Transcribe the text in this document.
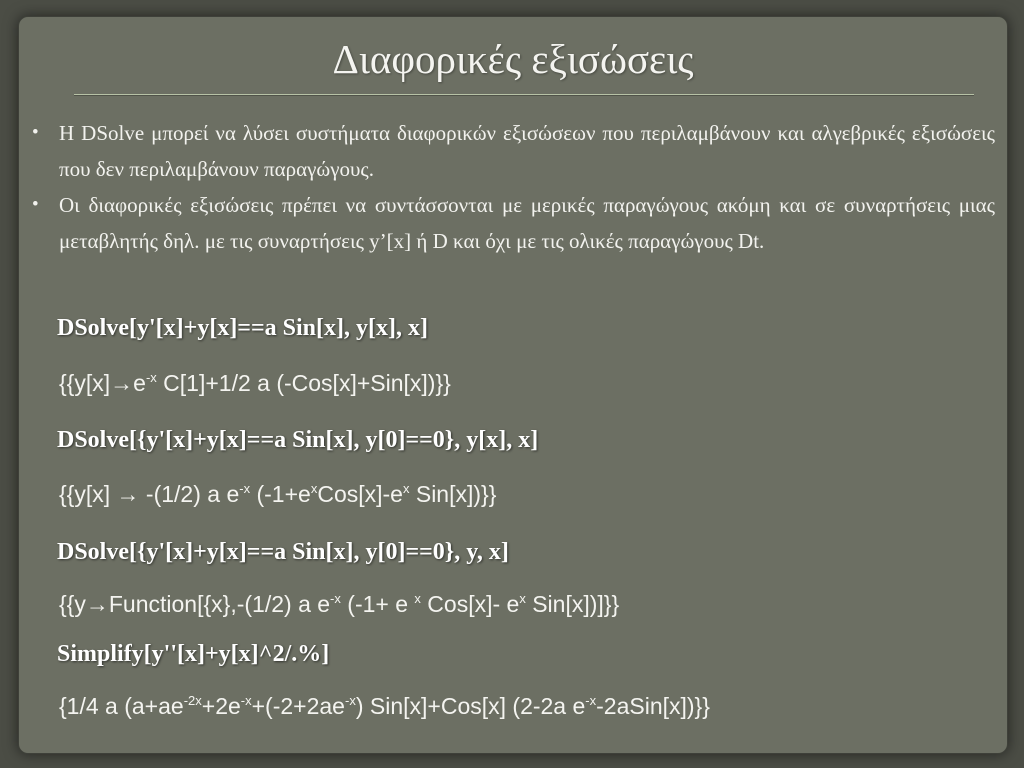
Διαφορικές εξισώσεις
• Η DSolve μπορεί να λύσει συστήματα διαφορικών εξισώσεων που περιλαμβάνουν και αλγεβρικές εξισώσεις που δεν περιλαμβάνουν παραγώγους.
• Οι διαφορικές εξισώσεις πρέπει να συντάσσονται με μερικές παραγώγους ακόμη και σε συναρτήσεις μιας μεταβλητής δηλ. με τις συναρτήσεις y’[x] ή D και όχι με τις ολικές παραγώγους Dt.
DSolve[y'[x]+y[x]==a Sin[x], y[x], x]
{{$y[x]\to e^{-x}$ C[1]+1/2 a (-Cos[x]+Sin[x])}}
DSolve[{y'[x]+y[x]==a Sin[x], y[0]==0}, y[x], x]
{{y[x] → -(1/2) a $e^{-x}$ ($-1+e^xCos[x]-e^x$ Sin[x])}}
DSolve[{y'[x]+y[x]==a Sin[x], y[0]==0}, y, x]
{{y→Function[{x},-(1/2) a $e^{-x}$ (-1+ e $^x$ Cos[x]- $e^x$ Sin[x])]}}
Simplify[y''[x]+y[x]^2/.%]
{1/4 a ($a+ae^{-2x}+2e^{-x}+(-2+2ae^{-x})$ Sin[x]+Cos[x] (2-2a $e^{-x}-2aSin[x]$)}}
